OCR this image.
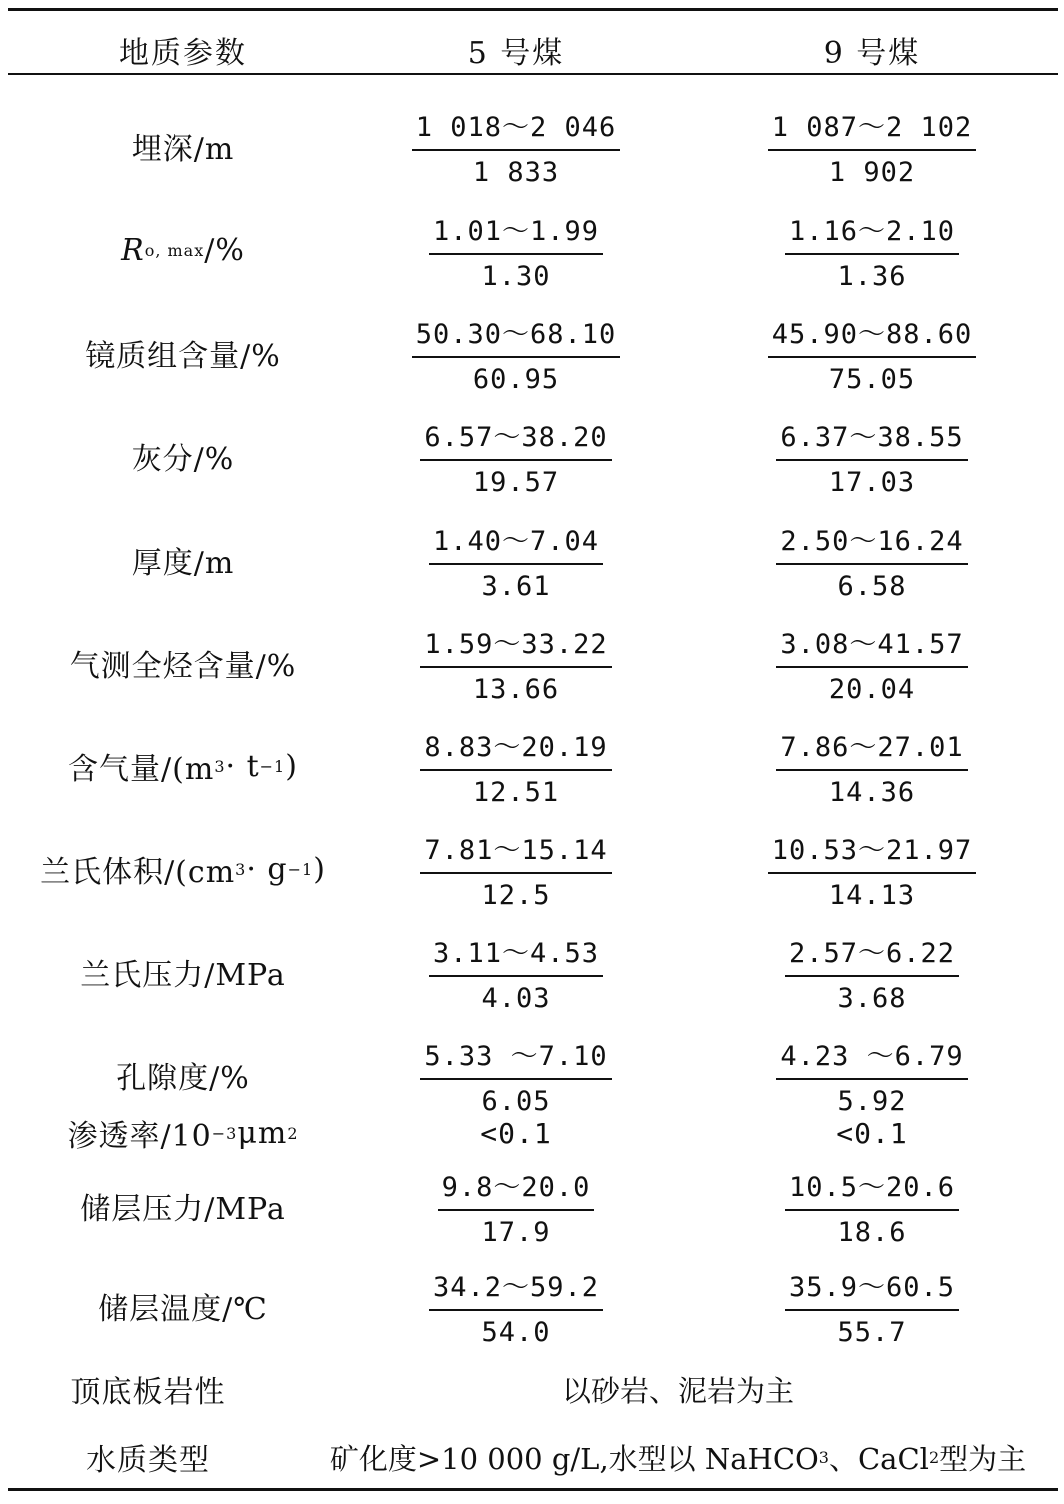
地质参数	5 号煤	9 号煤
埋深/m	$\frac{1 018\sim 2 046}{1 833} \frac{1 087\sim 2 102}{1 902}$
R o, max /%	$\frac{1.01\sim 1.99}{1.30} \frac{1.16\sim 2.10}{1.36}$
镜质组含量/%	$\frac{50.30\sim 68.10}{60.95} \frac{45.90\sim 88.60}{75.05}$
灰分/%	$\frac{6.57\sim 38.20}{19.57} \frac{6.37\sim 38.55}{17.03}$
厚度/m	$\frac{1.40\sim 7.04}{3.61} \frac{2.50\sim 16.24}{6.58}$
气测全烃含量/%	$\frac{1.59\sim 33.22}{13.66} \frac{3.08\sim 41.57}{20.04}$
含气量/(m 3 · t −1 ) $\frac{8.83\sim 20.19}{12.51} \frac{7.86\sim 27.01}{14.36}$
兰氏体积/(cm 3 · g −1 ) $\frac{7.81\sim 15.14}{12.5} \frac{10.53\sim 21.97}{14.13}$
兰氏压力/MPa	$\frac{3.11\sim 4.53}{4.03} \frac{2.57\sim 6.22}{3.68}$
孔隙度/%	$\frac{5.33 \sim 7.10}{6.05} \frac{4.23 \sim 6.79}{5.92}$
渗透率/10 −3 μm 2	<0.1	<0.1
储层压力/MPa	$\frac{9.8\sim 20.0}{17.9} \frac{10.5\sim 20.6}{18.6}$
储层温度/℃	$\frac{34.2\sim 59.2}{54.0} \frac{35.9\sim 60.5}{55.7}$
顶底板岩性	以砂岩、泥岩为主
水质类型	矿化度>10 000 g/L,水型以 NaHCO 3 、CaCl 2 型为主
